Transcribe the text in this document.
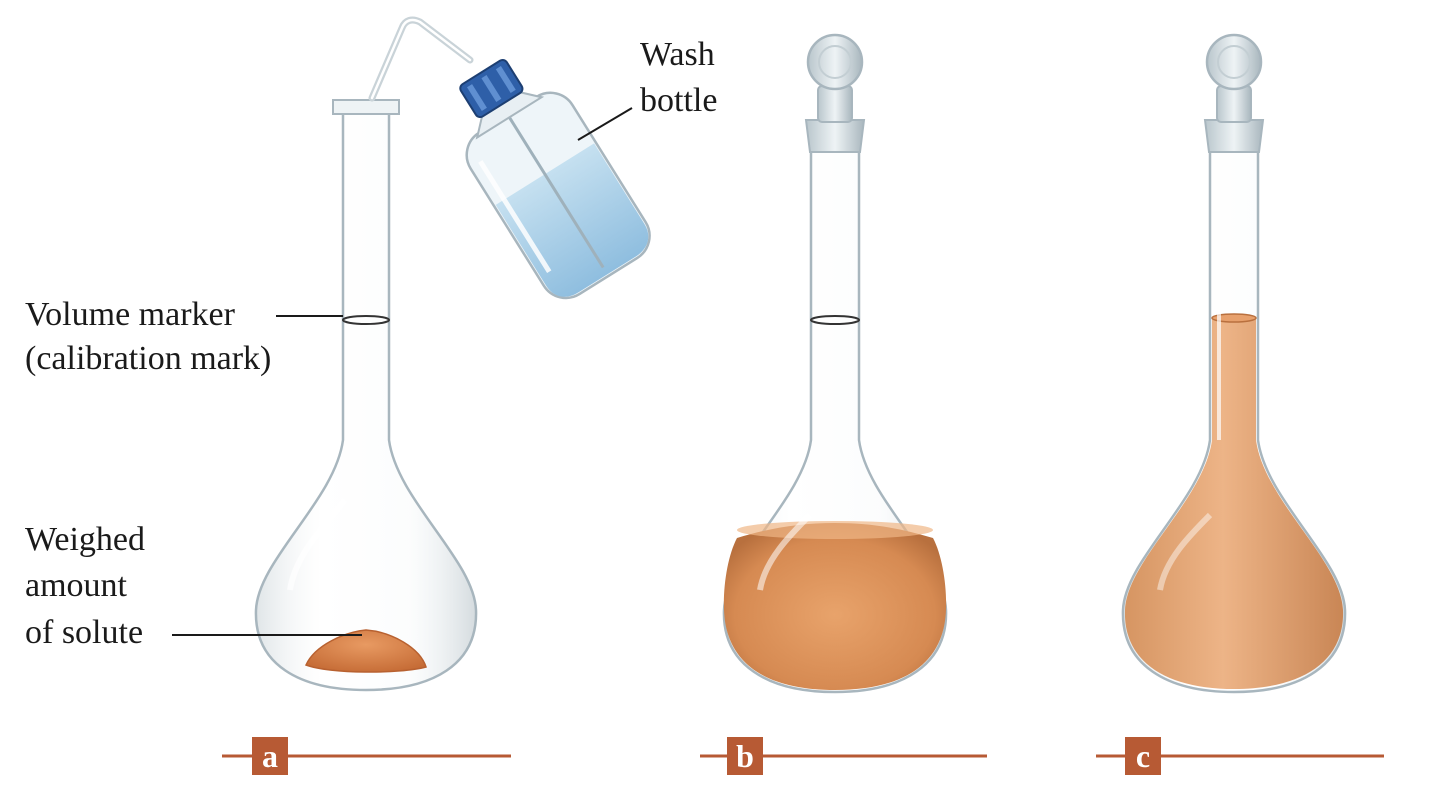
Wash
bottle
Volume marker
(calibration mark)
Weighed
amount
of solute
a	b	c
